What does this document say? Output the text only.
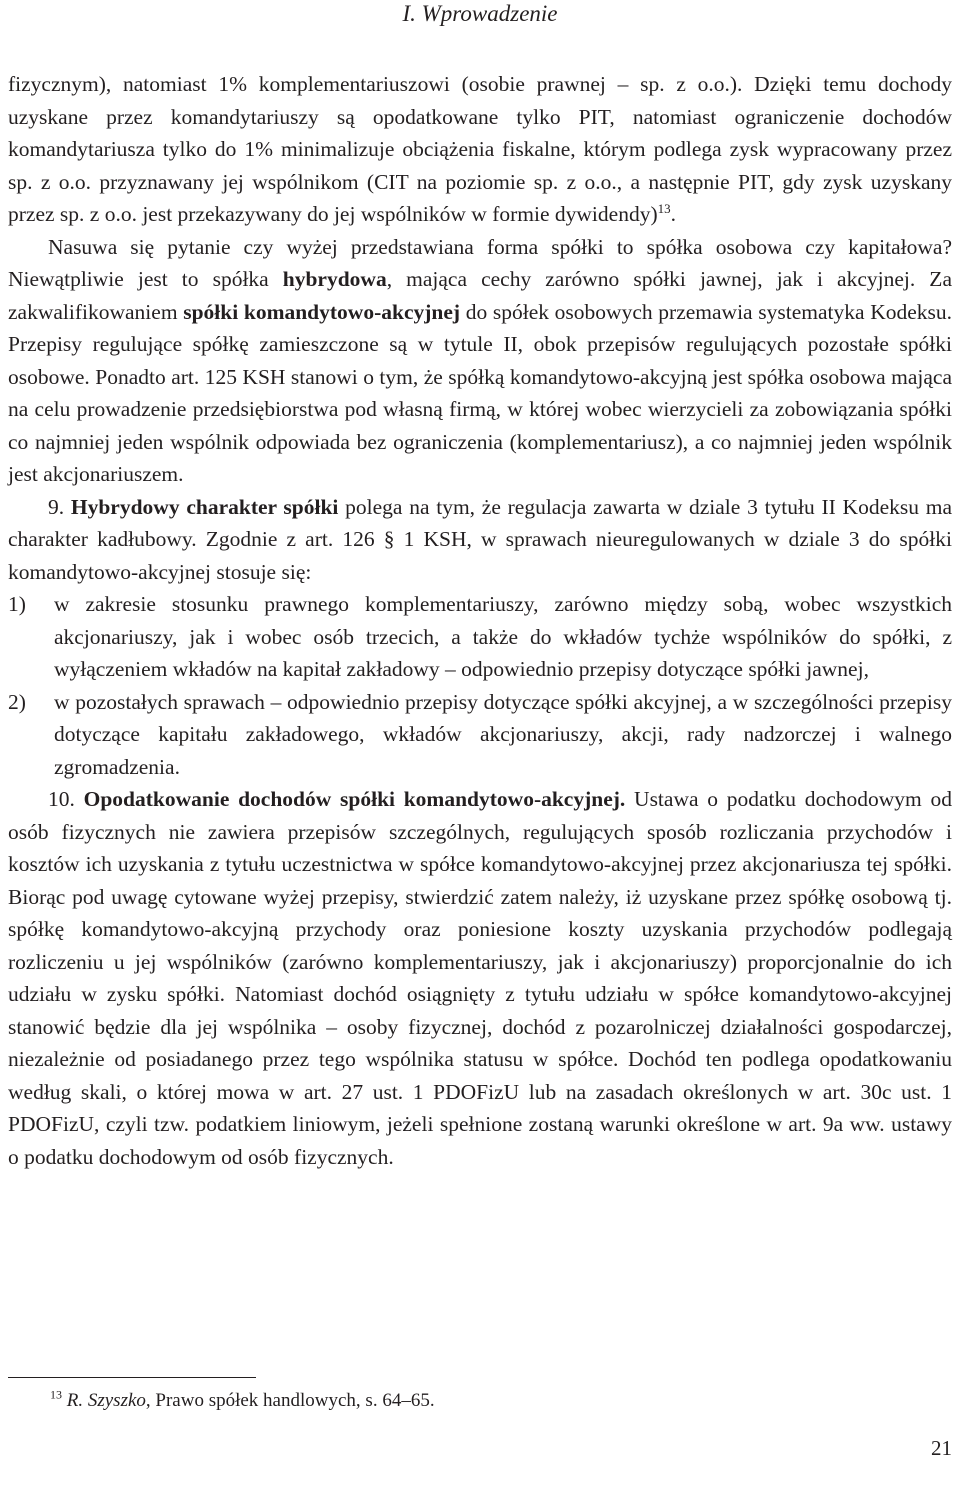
I. Wprowadzenie

fizycznym), natomiast 1% komplementariuszowi (osobie prawnej – sp. z o.o.). Dzięki temu dochody uzyskane przez komandytariuszy są opodatkowane tylko PIT, natomiast ograniczenie dochodów komandytariusza tylko do 1% minimalizuje obciążenia fiskalne, którym podlega zysk wypracowany przez sp. z o.o. przyznawany jej wspólnikom (CIT na poziomie sp. z o.o., a następnie PIT, gdy zysk uzyskany przez sp. z o.o. jest przekazywany do jej wspólników w formie dywidendy)$^{13}$.

Nasuwa się pytanie czy wyżej przedstawiana forma spółki to spółka osobowa czy kapitałowa? Niewątpliwie jest to spółka hybrydowa, mająca cechy zarówno spółki jawnej, jak i akcyjnej. Za zakwalifikowaniem spółki komandytowo-akcyjnej do spółek osobowych przemawia systematyka Kodeksu. Przepisy regulujące spółkę zamieszczone są w tytule II, obok przepisów regulujących pozostałe spółki osobowe. Ponadto art. 125 KSH stanowi o tym, że spółką komandytowo-akcyjną jest spółka osobowa mająca na celu prowadzenie przedsiębiorstwa pod własną firmą, w której wobec wierzycieli za zobowiązania spółki co najmniej jeden wspólnik odpowiada bez ograniczenia (komplementariusz), a co najmniej jeden wspólnik jest akcjonariuszem.

9. Hybrydowy charakter spółki polega na tym, że regulacja zawarta w dziale 3 tytułu II Kodeksu ma charakter kadłubowy. Zgodnie z art. 126 § 1 KSH, w sprawach nieuregulowanych w dziale 3 do spółki komandytowo-akcyjnej stosuje się:

1) w zakresie stosunku prawnego komplementariuszy, zarówno między sobą, wobec wszystkich akcjonariuszy, jak i wobec osób trzecich, a także do wkładów tychże wspólników do spółki, z wyłączeniem wkładów na kapitał zakładowy – odpowiednio przepisy dotyczące spółki jawnej,
2) w pozostałych sprawach – odpowiednio przepisy dotyczące spółki akcyjnej, a w szczególności przepisy dotyczące kapitału zakładowego, wkładów akcjonariuszy, akcji, rady nadzorczej i walnego zgromadzenia.

10. Opodatkowanie dochodów spółki komandytowo-akcyjnej. Ustawa o podatku dochodowym od osób fizycznych nie zawiera przepisów szczególnych, regulujących sposób rozliczania przychodów i kosztów ich uzyskania z tytułu uczestnictwa w spółce komandytowo-akcyjnej przez akcjonariusza tej spółki. Biorąc pod uwagę cytowane wyżej przepisy, stwierdzić zatem należy, iż uzyskane przez spółkę osobową tj. spółkę komandytowo-akcyjną przychody oraz poniesione koszty uzyskania przychodów podlegają rozliczeniu u jej wspólników (zarówno komplementariuszy, jak i akcjonariuszy) proporcjonalnie do ich udziału w zysku spółki. Natomiast dochód osiągnięty z tytułu udziału w spółce komandytowo-akcyjnej stanowić będzie dla jej wspólnika – osoby fizycznej, dochód z pozarolniczej działalności gospodarczej, niezależnie od posiadanego przez tego wspólnika statusu w spółce. Dochód ten podlega opodatkowaniu według skali, o której mowa w art. 27 ust. 1 PDOFizU lub na zasadach określonych w art. 30c ust. 1 PDOFizU, czyli tzw. podatkiem liniowym, jeżeli spełnione zostaną warunki określone w art. 9a ww. ustawy o podatku dochodowym od osób fizycznych.

$^{13}$ R. Szyszko, Prawo spółek handlowych, s. 64–65.
21
